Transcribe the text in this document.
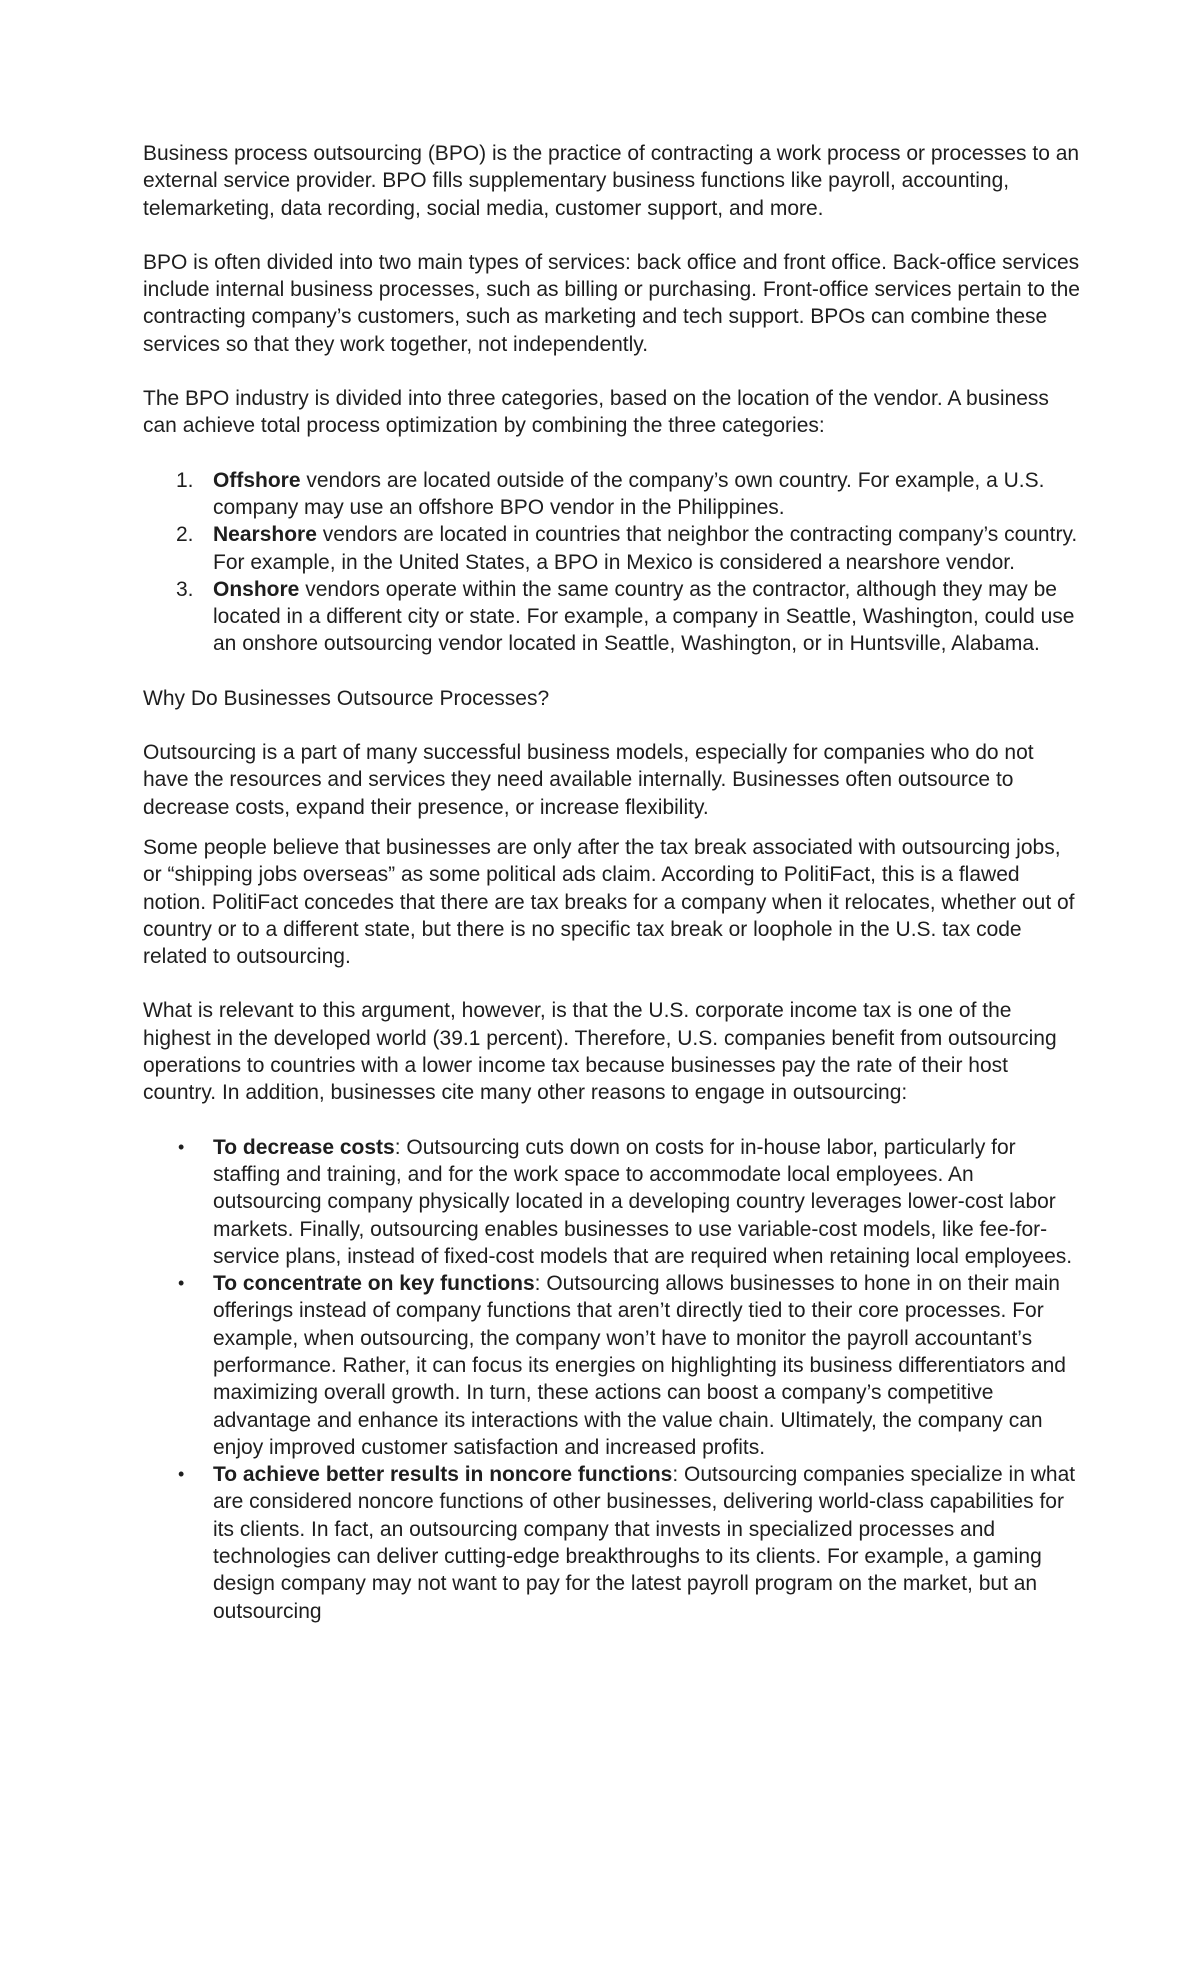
Business process outsourcing (BPO) is the practice of contracting a work process or processes to an external service provider. BPO fills supplementary business functions like payroll, accounting, telemarketing, data recording, social media, customer support, and more.

BPO is often divided into two main types of services: back office and front office. Back-office services include internal business processes, such as billing or purchasing. Front-office services pertain to the contracting company’s customers, such as marketing and tech support. BPOs can combine these services so that they work together, not independently.

The BPO industry is divided into three categories, based on the location of the vendor. A business can achieve total process optimization by combining the three categories:

1. Offshore vendors are located outside of the company’s own country. For example, a U.S. company may use an offshore BPO vendor in the Philippines.
2. Nearshore vendors are located in countries that neighbor the contracting company’s country. For example, in the United States, a BPO in Mexico is considered a nearshore vendor.
3. Onshore vendors operate within the same country as the contractor, although they may be located in a different city or state. For example, a company in Seattle, Washington, could use an onshore outsourcing vendor located in Seattle, Washington, or in Huntsville, Alabama.

Why Do Businesses Outsource Processes?

Outsourcing is a part of many successful business models, especially for companies who do not have the resources and services they need available internally. Businesses often outsource to decrease costs, expand their presence, or increase flexibility.

Some people believe that businesses are only after the tax break associated with outsourcing jobs, or “shipping jobs overseas” as some political ads claim. According to PolitiFact, this is a flawed notion. PolitiFact concedes that there are tax breaks for a company when it relocates, whether out of country or to a different state, but there is no specific tax break or loophole in the U.S. tax code related to outsourcing.

What is relevant to this argument, however, is that the U.S. corporate income tax is one of the highest in the developed world (39.1 percent). Therefore, U.S. companies benefit from outsourcing operations to countries with a lower income tax because businesses pay the rate of their host country. In addition, businesses cite many other reasons to engage in outsourcing:

• To decrease costs: Outsourcing cuts down on costs for in-house labor, particularly for staffing and training, and for the work space to accommodate local employees. An outsourcing company physically located in a developing country leverages lower-cost labor markets. Finally, outsourcing enables businesses to use variable-cost models, like fee-for-service plans, instead of fixed-cost models that are required when retaining local employees.
• To concentrate on key functions: Outsourcing allows businesses to hone in on their main offerings instead of company functions that aren’t directly tied to their core processes. For example, when outsourcing, the company won’t have to monitor the payroll accountant’s performance. Rather, it can focus its energies on highlighting its business differentiators and maximizing overall growth. In turn, these actions can boost a company’s competitive advantage and enhance its interactions with the value chain. Ultimately, the company can enjoy improved customer satisfaction and increased profits.
• To achieve better results in noncore functions: Outsourcing companies specialize in what are considered noncore functions of other businesses, delivering world-class capabilities for its clients. In fact, an outsourcing company that invests in specialized processes and technologies can deliver cutting-edge breakthroughs to its clients. For example, a gaming design company may not want to pay for the latest payroll program on the market, but an outsourcing
